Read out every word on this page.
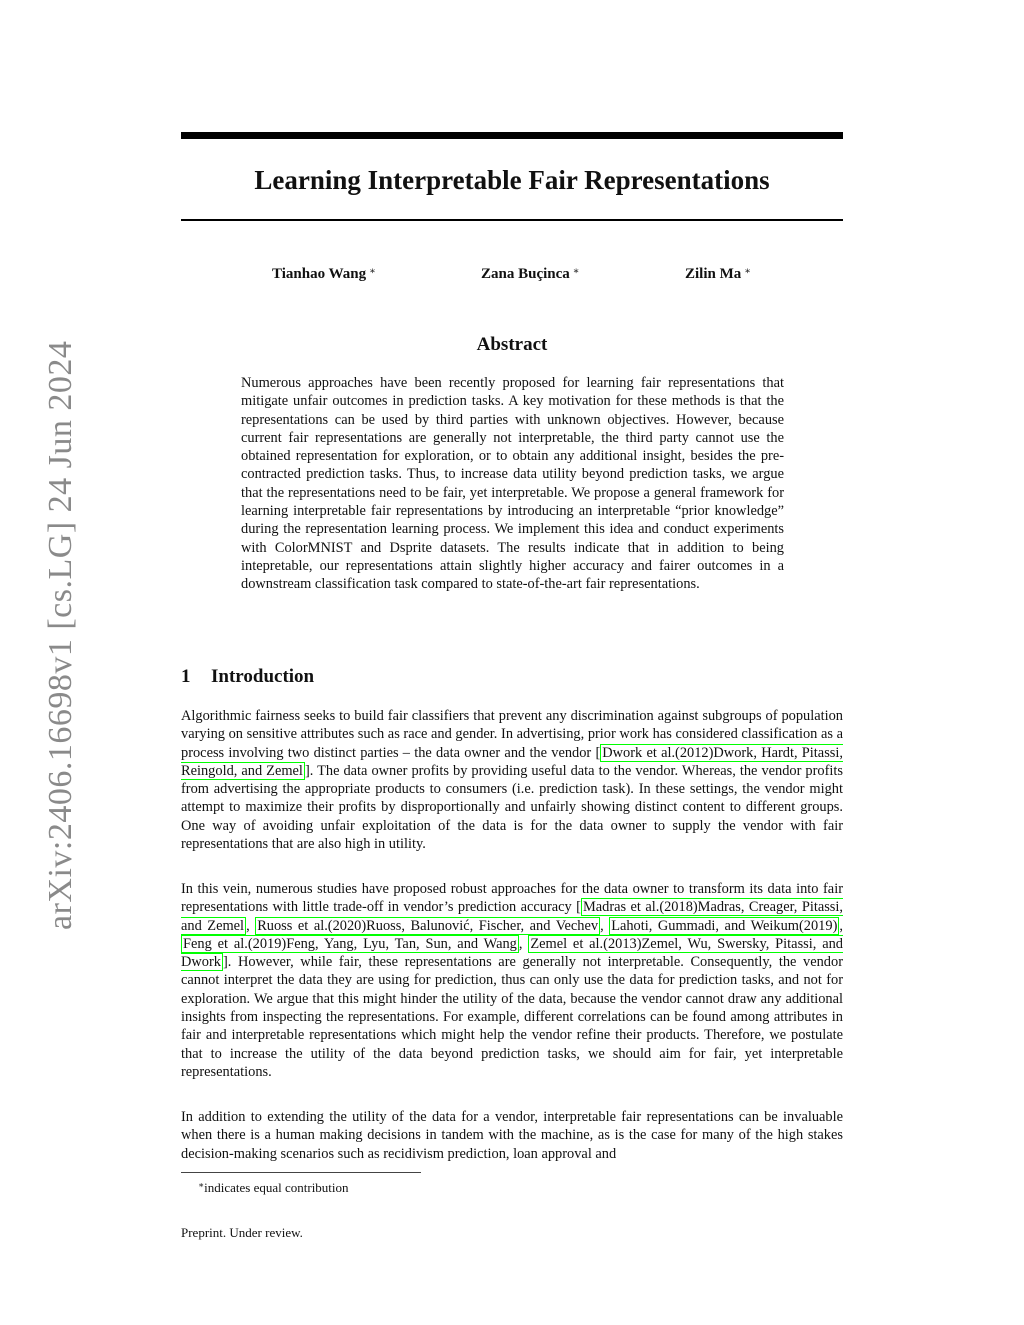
arXiv:2406.16698v1 [cs.LG] 24 Jun 2024
Learning Interpretable Fair Representations
Tianhao Wang ∗	Zana Buçinca ∗	Zilin Ma ∗
Abstract

Numerous approaches have been recently proposed for learning fair representations that mitigate unfair outcomes in prediction tasks. A key motivation for these methods is that the representations can be used by third parties with unknown objectives. However, because current fair representations are generally not interpretable, the third party cannot use the obtained representation for exploration, or to obtain any additional insight, besides the pre-contracted prediction tasks. Thus, to increase data utility beyond prediction tasks, we argue that the representations need to be fair, yet interpretable. We propose a general framework for learning interpretable fair representations by introducing an interpretable “prior knowledge” during the representation learning process. We implement this idea and conduct experiments with ColorMNIST and Dsprite datasets. The results indicate that in addition to being intepretable, our representations attain slightly higher accuracy and fairer outcomes in a downstream classification task compared to state-of-the-art fair representations.

1 Introduction

Algorithmic fairness seeks to build fair classifiers that prevent any discrimination against subgroups of population varying on sensitive attributes such as race and gender. In advertising, prior work has considered classification as a process involving two distinct parties – the data owner and the vendor [ Dwork et al.(2012)Dwork, Hardt, Pitassi, Reingold, and Zemel ]. The data owner profits by providing useful data to the vendor. Whereas, the vendor profits from advertising the appropriate products to consumers (i.e. prediction task). In these settings, the vendor might attempt to maximize their profits by disproportionally and unfairly showing distinct content to different groups. One way of avoiding unfair exploitation of the data is for the data owner to supply the vendor with fair representations that are also high in utility.

In this vein, numerous studies have proposed robust approaches for the data owner to transform its data into fair representations with little trade-off in vendor’s prediction accuracy [ Madras et al.(2018)Madras, Creager, Pitassi, and Zemel , Ruoss et al.(2020)Ruoss, Balunović, Fischer, and Vechev , Lahoti, Gummadi, and Weikum(2019) , Feng et al.(2019)Feng, Yang, Lyu, Tan, Sun, and Wang , Zemel et al.(2013)Zemel, Wu, Swersky, Pitassi, and Dwork ]. However, while fair, these representations are generally not interpretable. Consequently, the vendor cannot interpret the data they are using for prediction, thus can only use the data for prediction tasks, and not for exploration. We argue that this might hinder the utility of the data, because the vendor cannot draw any additional insights from inspecting the representations. For example, different correlations can be found among attributes in fair and interpretable representations which might help the vendor refine their products. Therefore, we postulate that to increase the utility of the data beyond prediction tasks, we should aim for fair, yet interpretable representations.

In addition to extending the utility of the data for a vendor, interpretable fair representations can be invaluable when there is a human making decisions in tandem with the machine, as is the case for many of the high stakes decision-making scenarios such as recidivism prediction, loan approval and

∗indicates equal contribution
Preprint. Under review.
